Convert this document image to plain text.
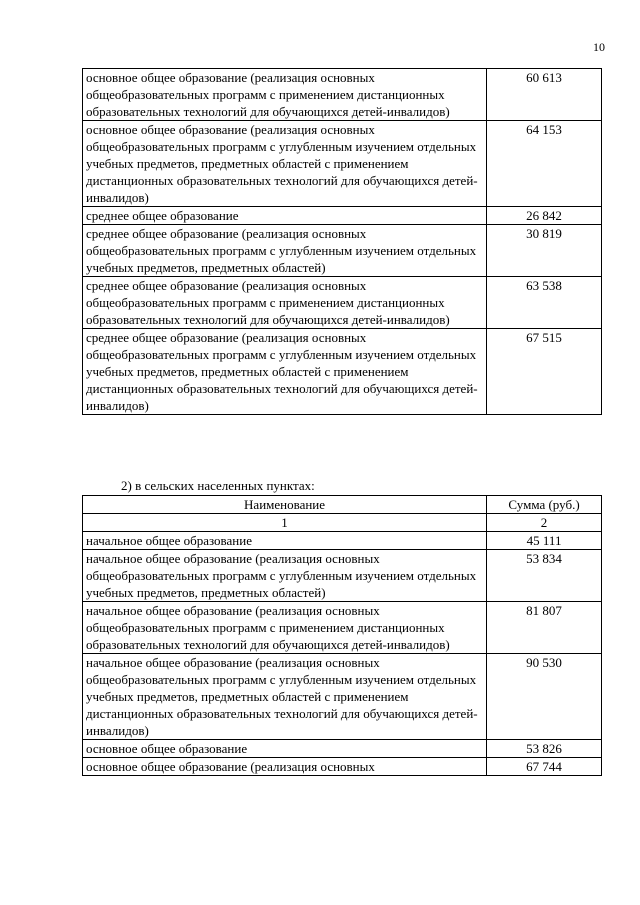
10
основное общее образование (реализация основных общеобразовательных программ с применением дистанционных образовательных технологий для обучающихся детей-инвалидов)	60 613
основное общее образование (реализация основных общеобразовательных программ с углубленным изучением отдельных учебных предметов, предметных областей с применением дистанционных образовательных технологий для обучающихся детей-инвалидов)	64 153
среднее общее образование	26 842
среднее общее образование (реализация основных общеобразовательных программ с углубленным изучением отдельных учебных предметов, предметных областей)	30 819
среднее общее образование (реализация основных общеобразовательных программ с применением дистанционных образовательных технологий для обучающихся детей-инвалидов)	63 538
среднее общее образование (реализация основных общеобразовательных программ с углубленным изучением отдельных учебных предметов, предметных областей с применением дистанционных образовательных технологий для обучающихся детей-инвалидов)	67 515
2) в сельских населенных пунктах:
Наименование	Сумма (руб.)
1	2
начальное общее образование	45 111
начальное общее образование (реализация основных общеобразовательных программ с углубленным изучением отдельных учебных предметов, предметных областей)	53 834
начальное общее образование (реализация основных общеобразовательных программ с применением дистанционных образовательных технологий для обучающихся детей-инвалидов)	81 807
начальное общее образование (реализация основных общеобразовательных программ с углубленным изучением отдельных учебных предметов, предметных областей с применением дистанционных образовательных технологий для обучающихся детей-инвалидов)	90 530
основное общее образование	53 826
основное общее образование (реализация основных	67 744
